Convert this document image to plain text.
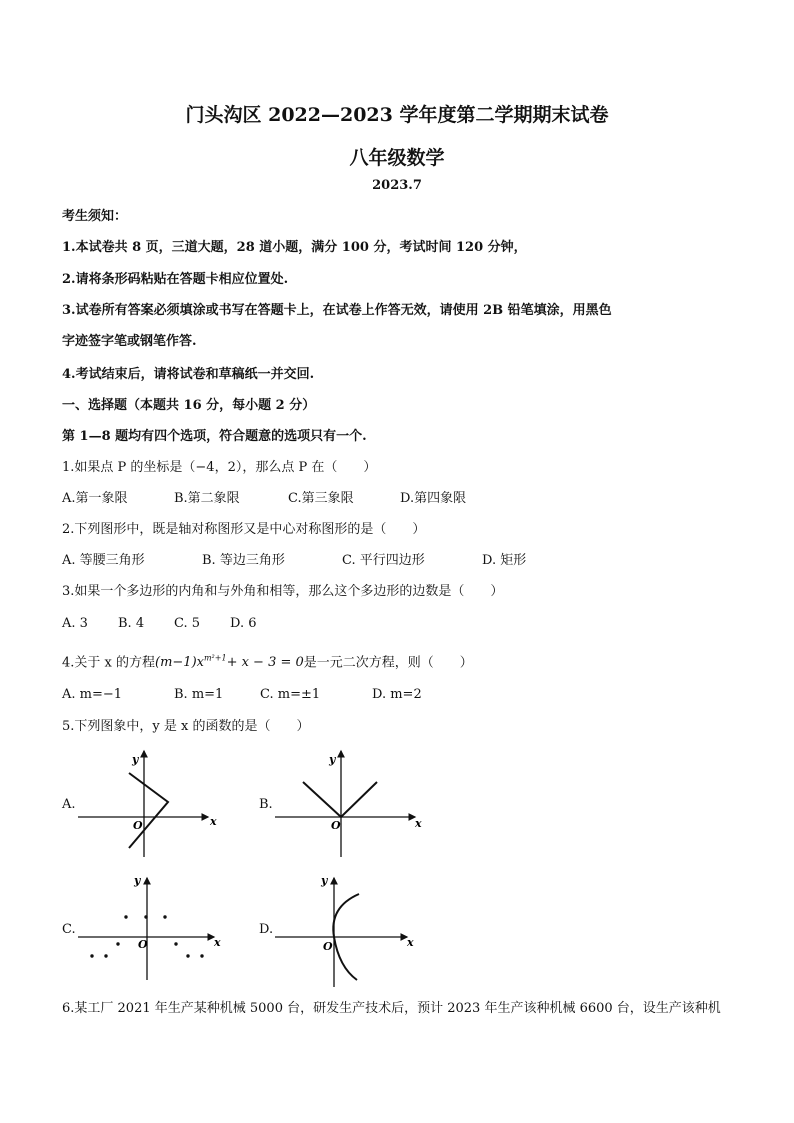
门头沟区 2022—2023 学年度第二学期期末试卷
八年级数学
2023.7
考生须知：
1.本试卷共 8 页，三道大题，28 道小题，满分 100 分，考试时间 120 分钟，
2.请将条形码粘贴在答题卡相应位置处.
3.试卷所有答案必须填涂或书写在答题卡上，在试卷上作答无效，请使用 2B 铅笔填涂，用黑色
字迹签字笔或钢笔作答.
4.考试结束后，请将试卷和草稿纸一并交回.
一、选择题（本题共 16 分，每小题 2 分）
第 1—8 题均有四个选项，符合题意的选项只有一个.
1.如果点 P 的坐标是（−4，2），那么点 P 在（　　）
A.第一象限	B.第二象限	C.第三象限	D.第四象限
2.下列图形中，既是轴对称图形又是中心对称图形的是（　　）
A. 等腰三角形	B. 等边三角形	C. 平行四边形	D. 矩形
3.如果一个多边形的内角和与外角和相等，那么这个多边形的边数是（　　）
A. 3 B. 4 C. 5 D. 6
4.关于 x 的方程$(m-1)x^{m^2+1}+ x - 3 = 0$是一元二次方程，则（　　）
A. m=−1	B. m=1	C. m=±1	D. m=2
5.下列图象中，y 是 x 的函数的是（　　）
A.	B.
C.	D.
y
x
O
y
x
O
y
x
O
y
x
O
6.某工厂 2021 年生产某种机械 5000 台，研发生产技术后，预计 2023 年生产该种机械 6600 台，设生产该种机
